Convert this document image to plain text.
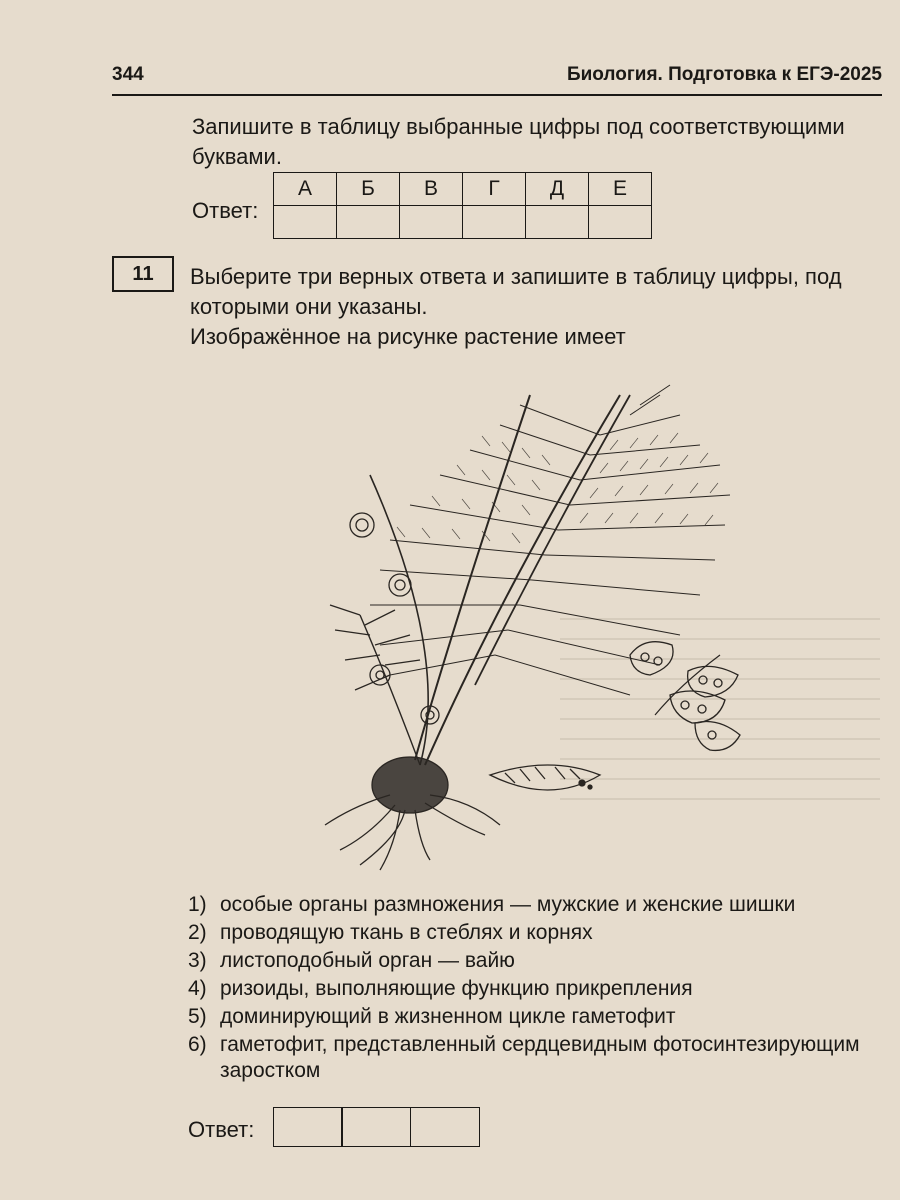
344	Биология. Подготовка к ЕГЭ-2025
Запишите в таблицу выбранные цифры под соответствующими буквами.
Ответ:
А	Б	В	Г	Д	Е

11	Выберите три верных ответа и запишите в таблицу цифры, под которыми они указаны.
Изображённое на рисунке растение имеет
1) особые органы размножения — мужские и женские шишки
2) проводящую ткань в стеблях и корнях
3) листоподобный орган — вайю
4) ризоиды, выполняющие функцию прикрепления
5) доминирующий в жизненном цикле гаметофит
6) гаметофит, представленный сердцевидным фотосинтезирующим заростком
Ответ:
